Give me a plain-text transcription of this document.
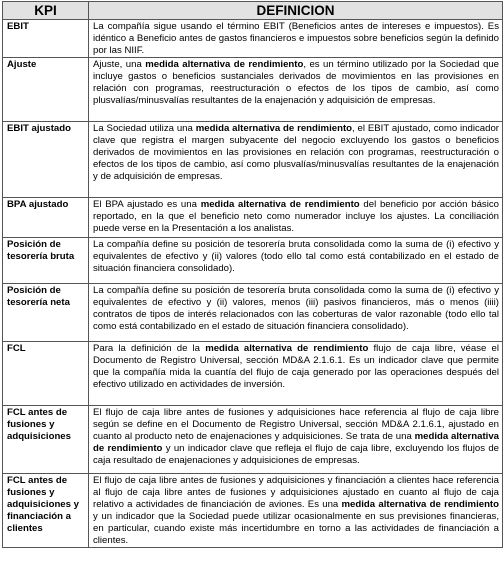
KPI	DEFINICION
EBIT	La compañía sigue usando el término EBIT (Beneficios antes de intereses e impuestos). Es idéntico a Beneficio antes de gastos financieros e impuestos sobre beneficios según la definido por las NIIF.
Ajuste	Ajuste, una medida alternativa de rendimiento, es un término utilizado por la Sociedad que incluye gastos o beneficios sustanciales derivados de movimientos en las provisiones en relación con programas, reestructuración o efectos de los tipos de cambio, así como plusvalías/minusvalías resultantes de la enajenación y adquisición de empresas.
EBIT ajustado	La Sociedad utiliza una medida alternativa de rendimiento, el EBIT ajustado, como indicador clave que registra el margen subyacente del negocio excluyendo los gastos o beneficios derivados de movimientos en las provisiones en relación con programas, reestructuración o efectos de los tipos de cambio, así como plusvalías/minusvalías resultantes de la enajenación y de adquisición de empresas.
BPA ajustado	El BPA ajustado es una medida alternativa de rendimiento del beneficio por acción básico reportado, en la que el beneficio neto como numerador incluye los ajustes. La conciliación puede verse en la Presentación a los analistas.
Posición de tesorería bruta	La compañía define su posición de tesorería bruta consolidada como la suma de (i) efectivo y equivalentes de efectivo y (ii) valores (todo ello tal como está contabilizado en el estado de situación financiera consolidado).
Posición de tesorería neta	La compañía define su posición de tesorería bruta consolidada como la suma de (i) efectivo y equivalentes de efectivo y (ii) valores, menos (iii) pasivos financieros, más o menos (iiii) contratos de tipos de interés relacionados con las coberturas de valor razonable (todo ello tal como está contabilizado en el estado de situación financiera consolidado).
FCL	Para la definición de la medida alternativa de rendimiento flujo de caja libre, véase el Documento de Registro Universal, sección MD&A 2.1.6.1. Es un indicador clave que permite que la compañía mida la cuantía del flujo de caja generado por las operaciones después del efectivo utilizado en actividades de inversión.
FCL antes de fusiones y adquisiciones	El flujo de caja libre antes de fusiones y adquisiciones hace referencia al flujo de caja libre según se define en el Documento de Registro Universal, sección MD&A 2.1.6.1, ajustado en cuanto al producto neto de enajenaciones y adquisiciones. Se trata de una medida alternativa de rendimiento y un indicador clave que refleja el flujo de caja libre, excluyendo los flujos de caja resultado de enajenaciones y adquisiciones de empresas.
FCL antes de fusiones y adquisiciones y financiación a clientes	El flujo de caja libre antes de fusiones y adquisiciones y financiación a clientes hace referencia al flujo de caja libre antes de fusiones y adquisiciones ajustado en cuanto al flujo de caja relativo a actividades de financiación de aviones. Es una medida alternativa de rendimiento y un indicador que la Sociedad puede utilizar ocasionalmente en sus previsiones financieras, en particular, cuando existe más incertidumbre en torno a las actividades de financiación a clientes.
